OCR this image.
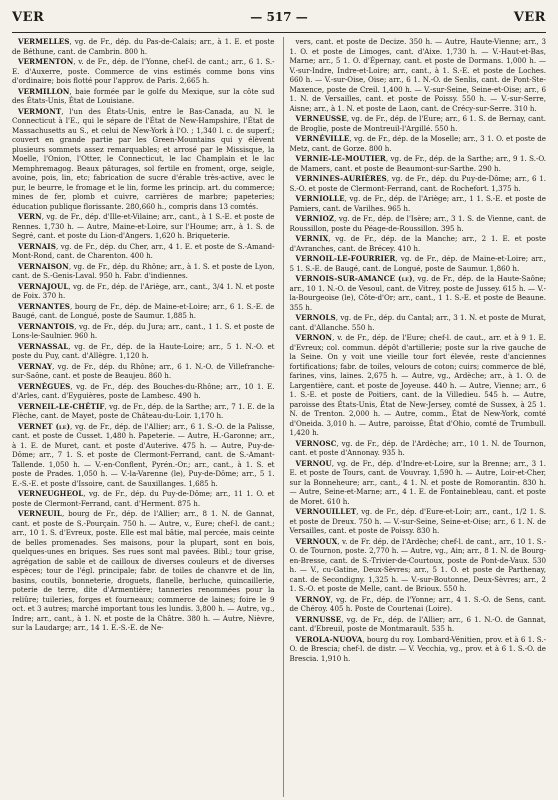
VER	— 517 —	VER

VERMELLES, vg. de Fr., dép. du Pas-de-Calais; arr., à 1. E. et poste de Béthune, cant. de Cambrin. 800 h.

VERMENTON, v. de Fr., dép. de l'Yonne, chef-l. de cant.; arr., 6 1. S.-E. d'Auxerre, poste. Commerce de vins estimés comme bons vins d'ordinaire; bois flotté pour l'approv. de Paris. 2,665 h.

VERMILLON, baie formée par le golfe du Mexique, sur la côte sud des États-Unis, État de Louisiane.

VERMONT, l'un des États-Unis, entre le Bas-Canada, au N. le Connecticut à l'E., qui le sépare de l'État de New-Hampshire, l'État de Massachusetts au S., et celui de New-York à l'O. ; 1,340 l. c. de superf.; couvert en grande partie par les Green-Mountains qui y élèvent plusieurs sommets assez remarquables; et arrosé par le Missisque, la Moelle, l'Onion, l'Otter, le Connecticut, le lac Champlain et le lac Memphremagog. Beaux pâturages, sol fertile en froment, orge, seigle, avoine, pois, lin, etc; fabrication de sucre d'érable très-active, avec le pur, le beurre, le fromage et le lin, forme les princip. art. du commerce; mines de fer, plomb et cuivre, carrières de marbre; papeteries; éducation publique florissante. 280,660 h., compris dans 13 comtés.

VERN, vg. de Fr., dép. d'Ille-et-Vilaine; arr., cant., à 1 S.-E. et poste de Rennes. 1,730 h. — Autre, Maine-et-Loire, sur l'Houme; arr., à 1. S. de Segré, cant. et poste du Lion-d'Angers. 1,620 h. Briqueterie.

VERNAIS, vg. de Fr., dép. du Cher, arr., 4 1. E. et poste de S.-Amand-Mont-Rond, cant. de Charenton. 400 h.

VERNAISON, vg. de Fr., dép. du Rhône; arr., à 1. S. et poste de Lyon, cant. de S.-Genis-Laval. 950 h. Fabr. d'indiennes.

VERNAJOUL, vg. de Fr., dép. de l'Ariège, arr., cant., 3/4 1. N. et poste de Foix. 370 h.

VERNANTES, bourg de Fr., dép. de Maine-et-Loire; arr., 6 1. S.-E. de Baugé, cant. de Longué, poste de Saumur. 1,885 h.

VERNANTOIS, vg. de Fr., dép. du Jura; arr., cant., 1 1. S. et poste de Lons-le-Saulnier. 960 h.

VERNASSAL, vg. de Fr., dép. de la Haute-Loire; arr., 5 1. N.-O. et poste du Puy, cant. d'Allègre. 1,120 h.

VERNAY, vg. de Fr., dép. du Rhône; arr., 6 1. N.-O. de Villefranche-sur-Saône, cant. et poste de Beaujeu. 860 h.

VERNÈGUES, vg. de Fr., dép. des Bouches-du-Rhône; arr., 10 1. E. d'Arles, cant. d'Eyguières, poste de Lambesc. 490 h.

VERNEIL-LE-CHÉTIF, vg. de Fr., dép. de la Sarthe; arr., 7 1. E. de la Flèche, cant. de Mayet, poste de Château-du-Loir. 1,170 h.

VERNET (le), vg. de Fr., dép. de l'Allier; arr., 6 1. S.-O. de la Palisse, cant. et poste de Cusset. 1,480 h. Papeterie. — Autre, H.-Garonne; arr., à 1. E. de Muret, cant. et poste d'Auterive. 475 h. — Autre, Puy-de-Dôme; arr., 7 1. S. et poste de Clermont-Ferrand, cant. de S.-Amant-Tallende. 1,050 h. — V.-en-Conflent, Pyrén.-Or.; arr., cant., à 1. S. et poste de Prades. 1,050 h. — V.-la-Varenne (le), Puy-de-Dôme; arr., 5 1. E.-S.-E. et poste d'Issoire, cant. de Sauxillanges. 1,685 h.

VERNEUGHEOL, vg. de Fr., dép. du Puy-de-Dôme; arr., 11 1. O. et poste de Clermont-Ferrand, cant. d'Herment. 875 h.

VERNEUIL, bourg de Fr., dép. de l'Allier; arr., 8 1. N. de Gannat, cant. et poste de S.-Pourçain. 750 h. — Autre, v., Eure; chef-l. de cant.; arr., 10 1. S. d'Evreux, poste. Elle est mal bâtie, mal percée, mais ceinte de belles promenades. Ses maisons, pour la plupart, sont en bois, quelques-unes en briques. Ses rues sont mal pavées. Bibl.; tour grise, agrégation de sable et de cailloux de diverses couleurs et de diverses espèces; tour de l'égl. principale; fabr. de toiles de chanvre et de lin, basins, coutils, bonneterie, droguets, flanelle, berluche, quincaillerie, poterie de terre, dite d'Armentière; tanneries renommées pour la reliûre; tuileries, forges et fourneaux; commerce de laines; foire le 9 oct. et 3 autres; marché important tous les lundis. 3,800 h. — Autre, vg., Indre; arr., cant., à 1. N. et poste de la Châtre. 380 h. — Autre, Nièvre, sur la Laudarge; arr., 14 1. E.-S.-E. de Ne-

vers, cant. et poste de Decize. 350 h. — Autre, Haute-Vienne; arr., 3 1. O. et poste de Limoges, cant. d'Aixe. 1,730 h. — V.-Haut-et-Bas, Marne; arr., 5 1. O. d'Épernay, cant. et poste de Dormans. 1,000 h. — V.-sur-Indre, Indre-et-Loire; arr., cant., à 1. S.-E. et poste de Loches. 660 h. — V.-sur-Oise, Oise; arr., 6 1. N.-O. de Senlis, cant. de Pont-Ste-Maxence, poste de Creil. 1,400 h. — V.-sur-Seine, Seine-et-Oise; arr., 6 1. N. de Versailles, cant. et poste de Poissy. 550 h. — V.-sur-Serre, Aisne; arr., à 1. N. et poste de Laon, cant. de Crécy-sur-Serre. 310 h.

VERNEUSSE, vg. de Fr., dép. de l'Eure; arr., 6 1. S. de Bernay, cant. de Broglie, poste de Montreuil-l'Argillé. 550 h.

VERNÉVILLE, vg. de Fr., dép. de la Moselle; arr., 3 1. O. et poste de Metz, cant. de Gorze. 800 h.

VERNIE-LE-MOUTIER, vg. de Fr., dép. de la Sarthe; arr., 9 1. S.-O. de Mamers, cant. et poste de Beaumont-sur-Sarthe. 290 h.

VERNINES-AURIÈRES, vg. de Fr., dép. du Puy-de-Dôme; arr., 6 1. S.-O. et poste de Clermont-Ferrand, cant. de Rochefort. 1,375 h.

VERNIOLLE, vg. de Fr., dép. de l'Ariège; arr., 1 1. S.-E. et poste de Pamiers, cant. de Varilhes. 965 h.

VERNIOZ, vg. de Fr., dép. de l'Isère; arr., 3 1. S. de Vienne, cant. de Roussillon, poste du Péage-de-Roussillon. 395 h.

VERNIX, vg. de Fr., dép. de la Manche; arr., 2 1. E. et poste d'Avranches, cant. de Brécey. 410 h.

VERNOIL-LE-FOURRIER, vg. de Fr., dép. de Maine-et-Loire; arr., 5 1. S.-E. de Baugé, cant. de Longué, poste de Saumur. 1,860 h.

VERNOIS-SUR-AMANCE (le), vg. de Fr., dép. de la Haute-Saône; arr., 10 1. N.-O. de Vesoul, cant. de Vitrey, poste de Jussey. 615 h. — V.-la-Bourgeoise (le), Côte-d'Or; arr., cant., 1 1. S.-E. et poste de Beaune. 355 h.

VERNOLS, vg. de Fr., dép. du Cantal; arr., 3 1. N. et poste de Murat, cant. d'Allanche. 550 h.

VERNON, v. de Fr., dép. de l'Eure; chef-l. de caut., arr. et à 9 1. E. d'Evreux; col. commun. dépôt d'artillerie; poste sur la rive gauche de la Seine. On y voit une vieille tour fort élevée, reste d'anciennes fortifications; fabr. de toiles, velours de coton; cuirs; commerce de blé, farines, vins, laines. 2,675 h. — Autre, vg., Ardèche; arr., à 1. O. de Largentière, cant. et poste de Joyeuse. 440 h. — Autre, Vienne; arr., 6 1. S.-E. et poste de Poitiers, cant. de la Villedieu. 545 h. — Autre, paroisse des États-Unis, État de New-Jersey, comté de Sussex, à 25 1. N. de Trenton. 2,000 h. — Autre, comm., État de New-York, comté d'Oneida. 3,010 h. — Autre, paroisse, État d'Ohio, comté de Trumbull. 1,420 h.

VERNOSC, vg. de Fr., dép. de l'Ardèche; arr., 10 1. N. de Tournon, cant. et poste d'Annonay. 935 h.

VERNOU, vg. de Fr., dép. d'Indre-et-Loire, sur la Brenne; arr., 3 1. E. et poste de Tours, cant. de Vouvray. 1,590 h. — Autre, Loir-et-Cher, sur la Bonneheure; arr., cant., 4 1. N. et poste de Romorantin. 830 h. — Autre, Seine-et-Marne; arr., 4 1. E. de Fontainebleau, cant. et poste de Moret. 610 h.

VERNOUILLET, vg. de Fr., dép. d'Eure-et-Loir; arr., cant., 1/2 1. S. et poste de Dreux. 750 h. — V.-sur-Seine, Seine-et-Oise; arr., 6 1. N. de Versailles, cant. et poste de Poissy. 830 h.

VERNOUX, v. de Fr. dép. de l'Ardèche; chef-l. de cant., arr., 10 1. S.-O. de Tournon, poste. 2,770 h. — Autre, vg., Ain; arr., 8 1. N. de Bourg-en-Bresse, cant. de S.-Trivier-de-Courtoux, poste de Pont-de-Vaux. 530 h. — V., cu-Gatine, Deux-Sèvres; arr., 5 1. O. et poste de Parthenay, cant. de Secondigny. 1,325 h. — V.-sur-Boutonne, Deux-Sèvres; arr., 2 1. S.-O. et poste de Melle, cant. de Brioux. 550 h.

VERNOY, vg. de Fr., dép. de l'Yonne; arr., 4 1. S.-O. de Sens, cant. de Chéroy. 405 h. Poste de Courtenai (Loire).

VERNUSSE, vg. de Fr., dép. de l'Allier; arr., 6 1. N.-O. de Gannat, cant. d'Ebreuil, poste de Montmarault. 535 h.

VEROLA-NUOVA, bourg du roy. Lombard-Vénitien, prov. et à 6 1. S.-O. de Brescia; chef-l. de distr. — V. Vecchia, vg., prov. et à 6 1. S.-O. de Brescia. 1,910 h.
